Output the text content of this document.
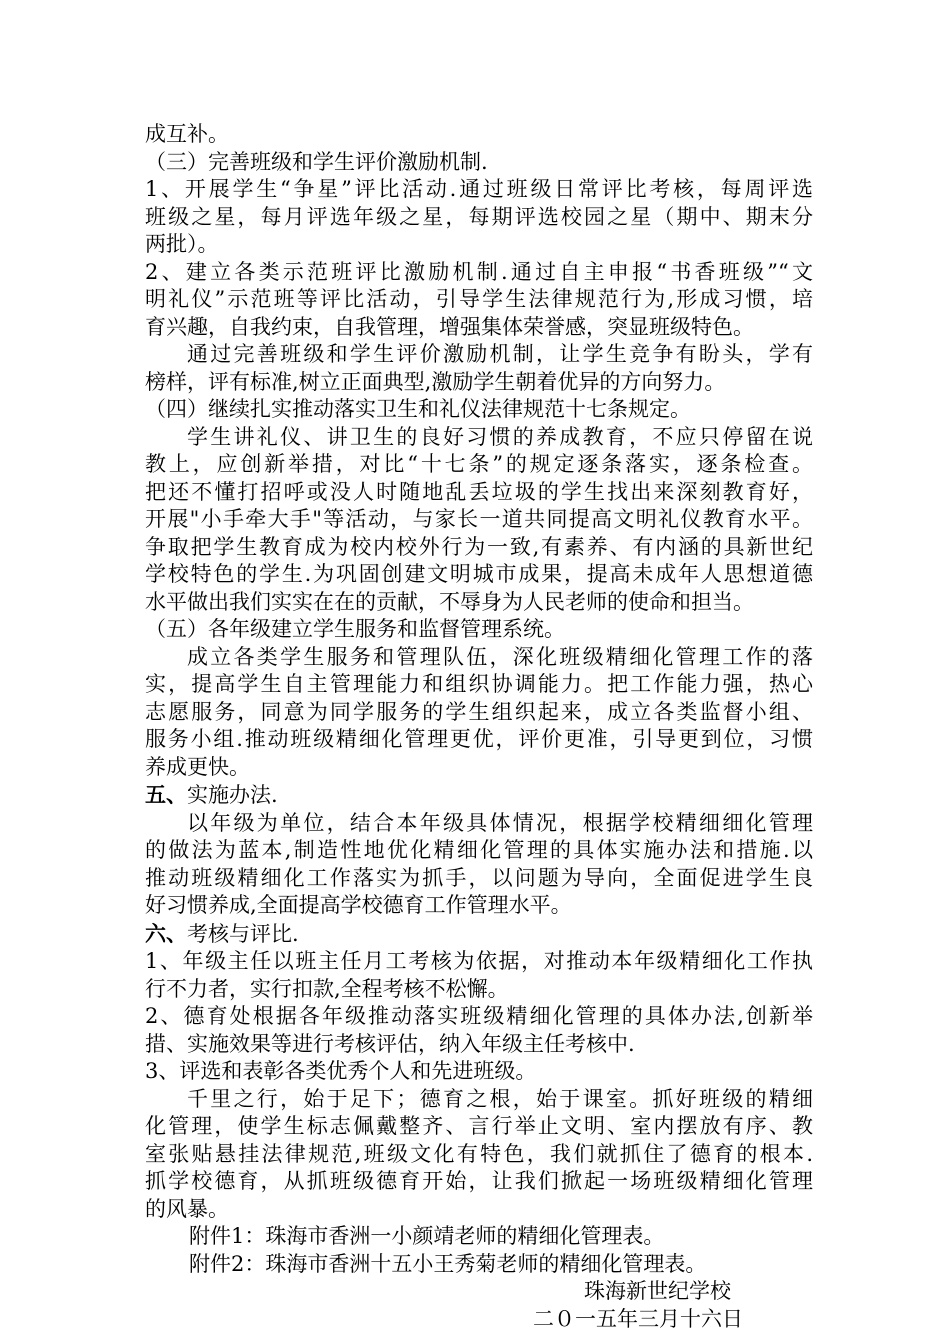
成互补。
（三）完善班级和学生评价激励机制.
1、开展学生“争星”评比活动.通过班级日常评比考核，每周评选
班级之星，每月评选年级之星，每期评选校园之星（期中、期末分
两批）。
2、建立各类示范班评比激励机制.通过自主申报“书香班级”“文
明礼仪”示范班等评比活动，引导学生法律规范行为,形成习惯，培
育兴趣，自我约束，自我管理，增强集体荣誉感，突显班级特色。
通过完善班级和学生评价激励机制，让学生竞争有盼头，学有
榜样，评有标准,树立正面典型,激励学生朝着优异的方向努力。
（四）继续扎实推动落实卫生和礼仪法律规范十七条规定。
学生讲礼仪、讲卫生的良好习惯的养成教育，不应只停留在说
教上，应创新举措，对比“十七条”的规定逐条落实，逐条检查。
把还不懂打招呼或没人时随地乱丢垃圾的学生找出来深刻教育好，
开展"小手牵大手"等活动，与家长一道共同提高文明礼仪教育水平。
争取把学生教育成为校内校外行为一致,有素养、有内涵的具新世纪
学校特色的学生.为巩固创建文明城市成果，提高未成年人思想道德
水平做出我们实实在在的贡献，不辱身为人民老师的使命和担当。
（五）各年级建立学生服务和监督管理系统。
成立各类学生服务和管理队伍，深化班级精细化管理工作的落
实，提高学生自主管理能力和组织协调能力。把工作能力强，热心
志愿服务，同意为同学服务的学生组织起来，成立各类监督小组、
服务小组.推动班级精细化管理更优，评价更准，引导更到位，习惯
养成更快。
五、实施办法.
以年级为单位，结合本年级具体情况，根据学校精细细化管理
的做法为蓝本,制造性地优化精细化管理的具体实施办法和措施.以
推动班级精细化工作落实为抓手，以问题为导向，全面促进学生良
好习惯养成,全面提高学校德育工作管理水平。
六、考核与评比.
1、年级主任以班主任月工考核为依据，对推动本年级精细化工作执
行不力者，实行扣款,全程考核不松懈。
2、德育处根据各年级推动落实班级精细化管理的具体办法,创新举
措、实施效果等进行考核评估，纳入年级主任考核中.
3、评选和表彰各类优秀个人和先进班级。
千里之行，始于足下；德育之根，始于课室。抓好班级的精细
化管理，使学生标志佩戴整齐、言行举止文明、室内摆放有序、教
室张贴悬挂法律规范,班级文化有特色，我们就抓住了德育的根本.
抓学校德育，从抓班级德育开始，让我们掀起一场班级精细化管理
的风暴。
附件1：珠海市香洲一小颜靖老师的精细化管理表。
附件2：珠海市香洲十五小王秀菊老师的精细化管理表。
珠海新世纪学校
二０一五年三月十六日
